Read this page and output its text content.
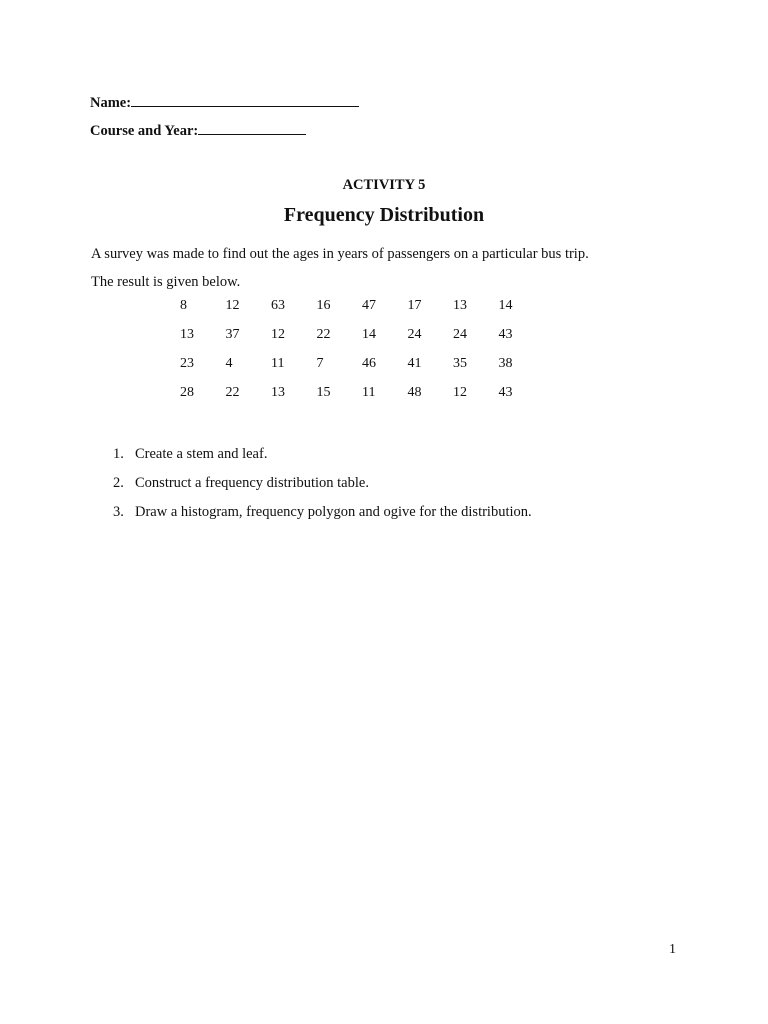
Name:
Course and Year:
ACTIVITY 5
Frequency Distribution
A survey was made to find out the ages in years of passengers on a particular bus trip.
The result is given below.
8	12	63	16	47	17	13	14
13	37	12	22	14	24	24	43
23	4	11	7	46	41	35	38
28	22	13	15	11	48	12	43
1. Create a stem and leaf.
2. Construct a frequency distribution table.
3. Draw a histogram, frequency polygon and ogive for the distribution.
1
